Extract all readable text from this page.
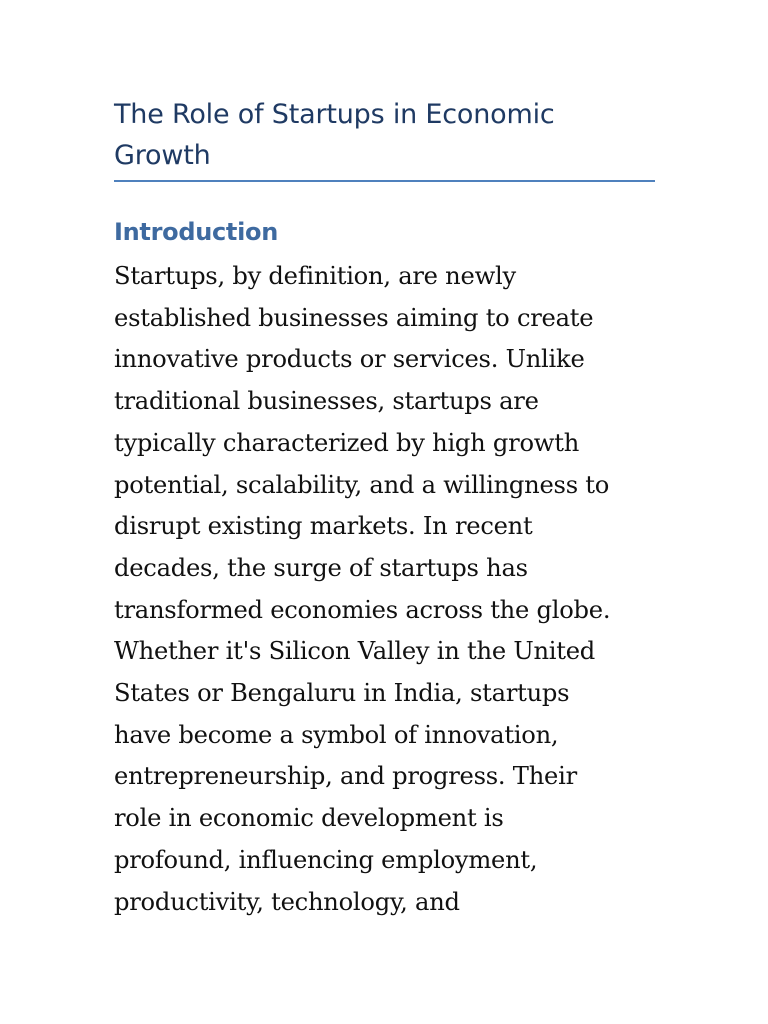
The Role of Startups in Economic Growth
Introduction

Startups, by definition, are newly
established businesses aiming to create
innovative products or services. Unlike
traditional businesses, startups are
typically characterized by high growth
potential, scalability, and a willingness to
disrupt existing markets. In recent
decades, the surge of startups has
transformed economies across the globe.
Whether it's Silicon Valley in the United
States or Bengaluru in India, startups
have become a symbol of innovation,
entrepreneurship, and progress. Their
role in economic development is
profound, influencing employment,
productivity, technology, and
